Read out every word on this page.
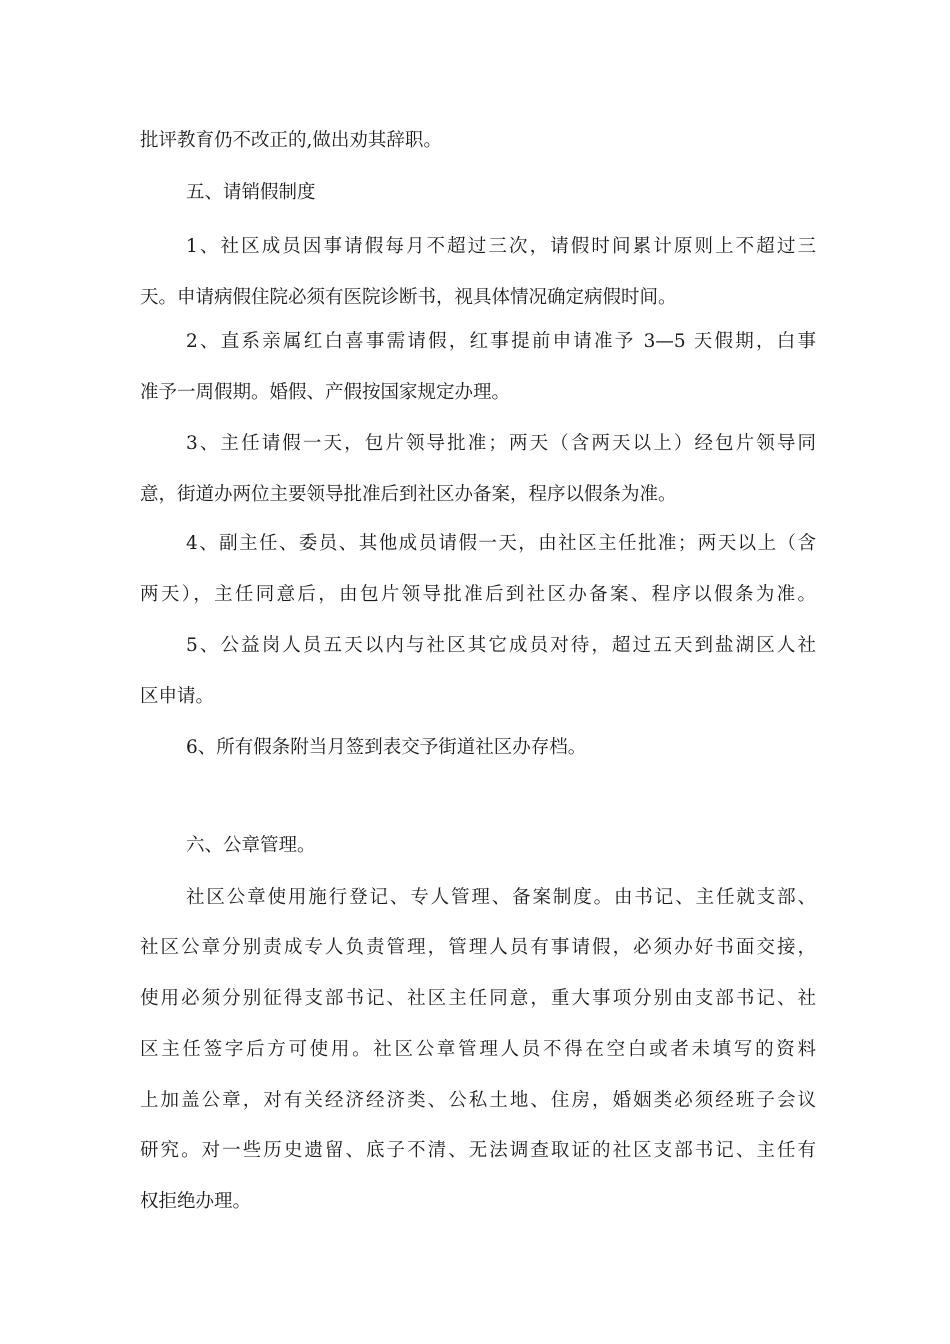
批评教育仍不改正的,做出劝其辞职。
五、请销假制度
1、社区成员因事请假每月不超过三次，请假时间累计原则上不超过三
天。申请病假住院必须有医院诊断书，视具体情况确定病假时间。
2、直系亲属红白喜事需请假，红事提前申请准予 3—5 天假期，白事
准予一周假期。婚假、产假按国家规定办理。
3、主任请假一天，包片领导批准；两天（含两天以上）经包片领导同
意，街道办两位主要领导批准后到社区办备案，程序以假条为准。
4、副主任、委员、其他成员请假一天，由社区主任批准；两天以上（含
两天），主任同意后，由包片领导批准后到社区办备案、程序以假条为准。
5、公益岗人员五天以内与社区其它成员对待，超过五天到盐湖区人社
区申请。
6、所有假条附当月签到表交予街道社区办存档。
六、公章管理。
社区公章使用施行登记、专人管理、备案制度。由书记、主任就支部、
社区公章分别责成专人负责管理，管理人员有事请假，必须办好书面交接，
使用必须分别征得支部书记、社区主任同意，重大事项分别由支部书记、社
区主任签字后方可使用。社区公章管理人员不得在空白或者未填写的资料
上加盖公章，对有关经济经济类、公私土地、住房，婚姻类必须经班子会议
研究。对一些历史遗留、底子不清、无法调查取证的社区支部书记、主任有
权拒绝办理。
